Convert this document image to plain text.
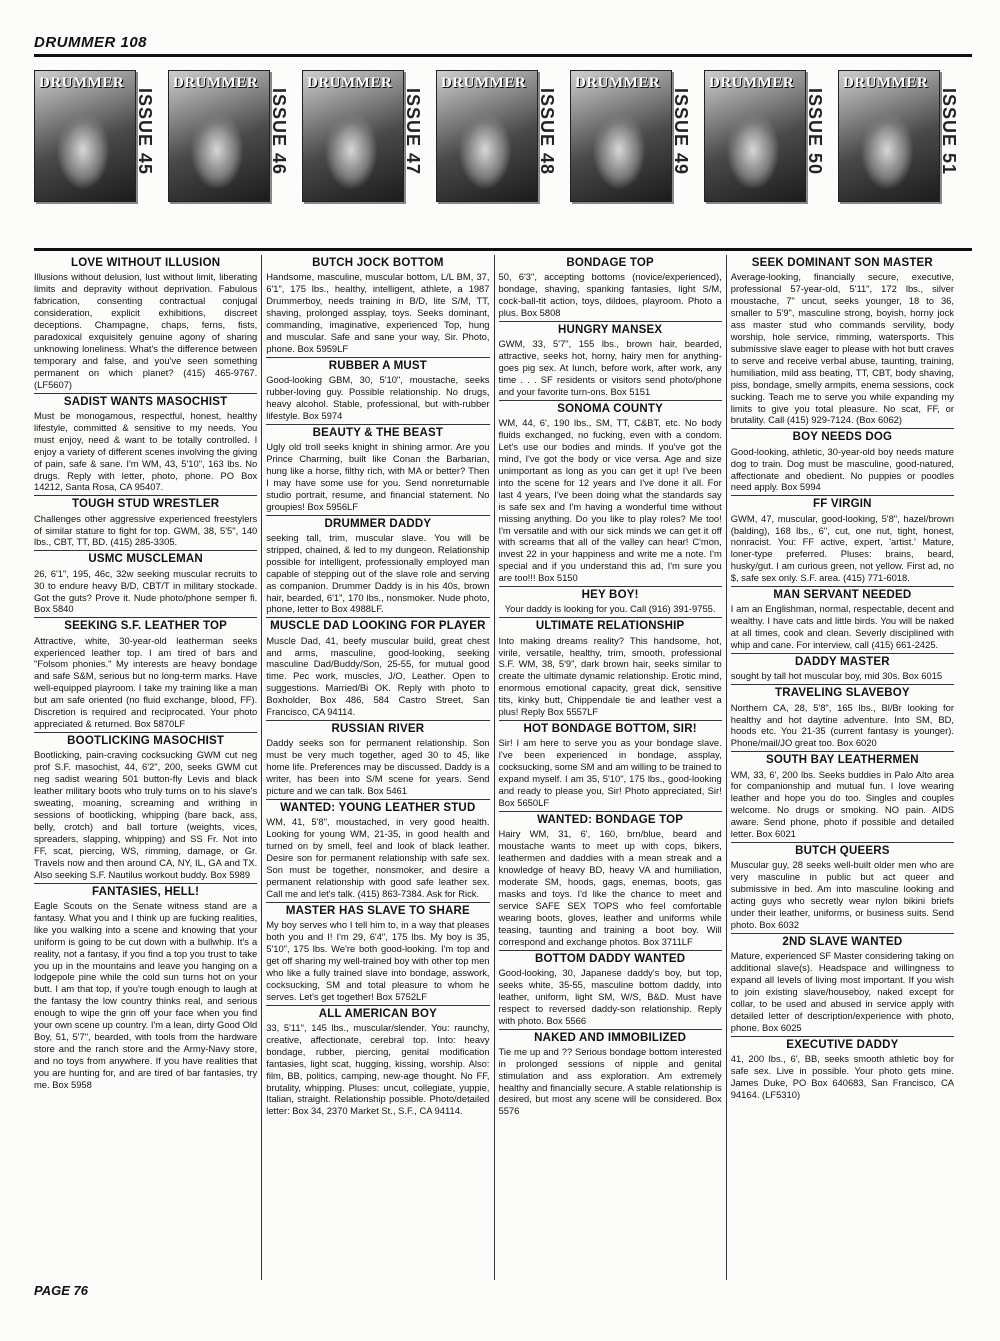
DRUMMER 108
DRUMMER
ISSUE 45
DRUMMER
ISSUE 46
DRUMMER
ISSUE 47
DRUMMER
ISSUE 48
DRUMMER
ISSUE 49
DRUMMER
ISSUE 50
DRUMMER
ISSUE 51
LOVE WITHOUT ILLUSION
Illusions without delusion, lust without limit, liberating limits and depravity without deprivation. Fabulous fabrication, consenting contractual conjugal consideration, explicit exhibitions, discreet deceptions. Champagne, chaps, ferns, fists, paradoxical exquisitely genuine agony of sharing unknowing loneliness. What's the difference between temporary and false, and you've seen something permanent on which planet? (415) 465-9767. (LF5607)
SADIST WANTS MASOCHIST
Must be monogamous, respectful, honest, healthy lifestyle, committed & sensitive to my needs. You must enjoy, need & want to be totally controlled. I enjoy a variety of different scenes involving the giving of pain, safe & sane. I'm WM, 43, 5'10", 163 lbs. No drugs. Reply with letter, photo, phone. PO Box 14212, Santa Rosa, CA 95407.
TOUGH STUD WRESTLER
Challenges other aggressive experienced freestylers of similar stature to fight for top. GWM, 38, 5'5", 140 lbs., CBT, TT, BD. (415) 285-3305.
USMC MUSCLEMAN
26, 6'1", 195, 46c, 32w seeking muscular recruits to 30 to endure heavy B/D, CBT/T in military stockade. Got the guts? Prove it. Nude photo/phone semper fi. Box 5840
SEEKING S.F. LEATHER TOP
Attractive, white, 30-year-old leatherman seeks experienced leather top. I am tired of bars and "Folsom phonies." My interests are heavy bondage and safe S&M, serious but no long-term marks. Have well-equipped playroom. I take my training like a man but am safe oriented (no fluid exchange, blood, FF). Discretion is required and reciprocated. Your photo appreciated & returned. Box 5870LF
BOOTLICKING MASOCHIST
Bootlicking, pain-craving cocksucking GWM cut neg prof S.F. masochist, 44, 6'2", 200, seeks GWM cut neg sadist wearing 501 button-fly Levis and black leather military boots who truly turns on to his slave's sweating, moaning, screaming and writhing in sessions of bootlicking, whipping (bare back, ass, belly, crotch) and ball torture (weights, vices, spreaders, slapping, whipping) and SS Fr. Not into FF, scat, piercing, WS, rimming, damage, or Gr. Travels now and then around CA, NY, IL, GA and TX. Also seeking S.F. Nautilus workout buddy. Box 5989
FANTASIES, HELL!
Eagle Scouts on the Senate witness stand are a fantasy. What you and I think up are fucking realities, like you walking into a scene and knowing that your uniform is going to be cut down with a bullwhip. It's a reality, not a fantasy, if you find a top you trust to take you up in the mountains and leave you hanging on a lodgepole pine while the cold sun turns hot on your butt. I am that top, if you're tough enough to laugh at the fantasy the low country thinks real, and serious enough to wipe the grin off your face when you find your own scene up country. I'm a lean, dirty Good Old Boy, 51, 5'7", bearded, with tools from the hardware store and the ranch store and the Army-Navy store, and no toys from anywhere. If you have realities that you are hunting for, and are tired of bar fantasies, try me. Box 5958
BUTCH JOCK BOTTOM
Handsome, masculine, muscular bottom, L/L BM, 37, 6'1", 175 lbs., healthy, intelligent, athlete, a 1987 Drummerboy, needs training in B/D, lite S/M, TT, shaving, prolonged assplay, toys. Seeks dominant, commanding, imaginative, experienced Top, hung and muscular. Safe and sane your way, Sir. Photo, phone. Box 5959LF
RUBBER A MUST
Good-looking GBM, 30, 5'10", moustache, seeks rubber-loving guy. Possible relationship. No drugs, heavy alcohol. Stable, professional, but with-rubber lifestyle. Box 5974
BEAUTY & THE BEAST
Ugly old troll seeks knight in shining armor. Are you Prince Charming, built like Conan the Barbarian, hung like a horse, filthy rich, with MA or better? Then I may have some use for you. Send nonreturnable studio portrait, resume, and financial statement. No groupies! Box 5956LF
DRUMMER DADDY
seeking tall, trim, muscular slave. You will be stripped, chained, & led to my dungeon. Relationship possible for intelligent, professionally employed man capable of stepping out of the slave role and serving as companion. Drummer Daddy is in his 40s, brown hair, bearded, 6'1", 170 lbs., nonsmoker. Nude photo, phone, letter to Box 4988LF.
MUSCLE DAD LOOKING FOR PLAYER
Muscle Dad, 41, beefy muscular build, great chest and arms, masculine, good-looking, seeking masculine Dad/Buddy/Son, 25-55, for mutual good time. Pec work, muscles, J/O, Leather. Open to suggestions. Married/Bi OK. Reply with photo to Boxholder, Box 486, 584 Castro Street, San Francisco, CA 94114.
RUSSIAN RIVER
Daddy seeks son for permanent relationship. Son must be very much together, aged 30 to 45, like home life. Preferences may be discussed. Daddy is a writer, has been into S/M scene for years. Send picture and we can talk. Box 5461
WANTED: YOUNG LEATHER STUD
WM, 41, 5'8", moustached, in very good health. Looking for young WM, 21-35, in good health and turned on by smell, feel and look of black leather. Desire son for permanent relationship with safe sex. Son must be together, nonsmoker, and desire a permanent relationship with good safe leather sex. Call me and let's talk. (415) 863-7384. Ask for Rick.
MASTER HAS SLAVE TO SHARE
My boy serves who I tell him to, in a way that pleases both you and I! I'm 29, 6'4", 175 lbs. My boy is 35, 5'10", 175 lbs. We're both good-looking. I'm top and get off sharing my well-trained boy with other top men who like a fully trained slave into bondage, asswork, cocksucking, SM and total pleasure to whom he serves. Let's get together! Box 5752LF
ALL AMERICAN BOY
33, 5'11", 145 lbs., muscular/slender. You: raunchy, creative, affectionate, cerebral top. Into: heavy bondage, rubber, piercing, genital modification fantasies, light scat, hugging, kissing, worship. Also: film, BB, politics, camping, new-age thought. No FF, brutality, whipping. Pluses: uncut, collegiate, yuppie, Italian, straight. Relationship possible. Photo/detailed letter: Box 34, 2370 Market St., S.F., CA 94114.
BONDAGE TOP
50, 6'3", accepting bottoms (novice/experienced), bondage, shaving, spanking fantasies, light S/M, cock-ball-tit action, toys, dildoes, playroom. Photo a plus. Box 5808
HUNGRY MANSEX
GWM, 33, 5'7", 155 lbs., brown hair, bearded, attractive, seeks hot, horny, hairy men for anything-goes pig sex. At lunch, before work, after work, any time . . . SF residents or visitors send photo/phone and your favorite turn-ons. Box 5151
SONOMA COUNTY
WM, 44, 6', 190 lbs., SM, TT, C&BT, etc. No body fluids exchanged, no fucking, even with a condom. Let's use our bodies and minds. If you've got the mind, I've got the body or vice versa. Age and size unimportant as long as you can get it up! I've been into the scene for 12 years and I've done it all. For last 4 years, I've been doing what the standards say is safe sex and I'm having a wonderful time without missing anything. Do you like to play roles? Me too! I'm versatile and with our sick minds we can get it off with screams that all of the valley can hear! C'mon, invest 22 in your happiness and write me a note. I'm special and if you understand this ad, I'm sure you are too!!! Box 5150
HEY BOY!
Your daddy is looking for you. Call (916) 391-9755.
ULTIMATE RELATIONSHIP
Into making dreams reality? This handsome, hot, virile, versatile, healthy, trim, smooth, professional S.F. WM, 38, 5'9", dark brown hair, seeks similar to create the ultimate dynamic relationship. Erotic mind, enormous emotional capacity, great dick, sensitive tits, kinky butt, Chippendale tie and leather vest a plus! Reply Box 5557LF
HOT BONDAGE BOTTOM, SIR!
Sir! I am here to serve you as your bondage slave. I've been experienced in bondage, assplay, cocksucking, some SM and am willing to be trained to expand myself. I am 35, 5'10", 175 lbs., good-looking and ready to please you, Sir! Photo appreciated, Sir! Box 5650LF
WANTED: BONDAGE TOP
Hairy WM, 31, 6', 160, brn/blue, beard and moustache wants to meet up with cops, bikers, leathermen and daddies with a mean streak and a knowledge of heavy BD, heavy VA and humiliation, moderate SM, hoods, gags, enemas, boots, gas masks and toys. I'd like the chance to meet and service SAFE SEX TOPS who feel comfortable wearing boots, gloves, leather and uniforms while teasing, taunting and training a boot boy. Will correspond and exchange photos. Box 3711LF
BOTTOM DADDY WANTED
Good-looking, 30, Japanese daddy's boy, but top, seeks white, 35-55, masculine bottom daddy, into leather, uniform, light SM, W/S, B&D. Must have respect to reversed daddy-son relationship. Reply with photo. Box 5566
NAKED AND IMMOBILIZED
Tie me up and ?? Serious bondage bottom interested in prolonged sessions of nipple and genital stimulation and ass exploration. Am extremely healthy and financially secure. A stable relationship is desired, but most any scene will be considered. Box 5576
SEEK DOMINANT SON MASTER
Average-looking, financially secure, executive, professional 57-year-old, 5'11", 172 lbs., silver moustache, 7" uncut, seeks younger, 18 to 36, smaller to 5'9", masculine strong, boyish, horny jock ass master stud who commands servility, body worship, hole service, rimming, watersports. This submissive slave eager to please with hot butt craves to serve and receive verbal abuse, taunting, training, humiliation, mild ass beating, TT, CBT, body shaving, piss, bondage, smelly armpits, enema sessions, cock sucking. Teach me to serve you while expanding my limits to give you total pleasure. No scat, FF, or brutality. Call (415) 929-7124. (Box 6062)
BOY NEEDS DOG
Good-looking, athletic, 30-year-old boy needs mature dog to train. Dog must be masculine, good-natured, affectionate and obedient. No puppies or poodles need apply. Box 5994
FF VIRGIN
GWM, 47, muscular, good-looking, 5'8", hazel/brown (balding), 168 lbs., 6", cut, one nut, tight, honest, nonracist. You: FF active, expert, 'artist.' Mature, loner-type preferred. Pluses: brains, beard, husky/gut. I am curious green, not yellow. First ad, no $, safe sex only. S.F. area. (415) 771-6018.
MAN SERVANT NEEDED
I am an Englishman, normal, respectable, decent and wealthy. I have cats and little birds. You will be naked at all times, cook and clean. Severly disciplined with whip and cane. For interview, call (415) 661-2425.
DADDY MASTER
sought by tall hot muscular boy, mid 30s. Box 6015
TRAVELING SLAVEBOY
Northern CA, 28, 5'8", 165 lbs., Bl/Br looking for healthy and hot daytine adventure. Into SM, BD, hoods etc. You 21-35 (current fantasy is younger). Phone/mail/JO great too. Box 6020
SOUTH BAY LEATHERMEN
WM, 33, 6', 200 lbs. Seeks buddies in Palo Alto area for companionship and mutual fun. I love wearing leather and hope you do too. Singles and couples welcome. No drugs or smoking. NO pain. AIDS aware. Send phone, photo if possible and detailed letter. Box 6021
BUTCH QUEERS
Muscular guy, 28 seeks well-built older men who are very masculine in public but act queer and submissive in bed. Am into masculine looking and acting guys who secretly wear nylon bikini briefs under their leather, uniforms, or business suits. Send photo. Box 6032
2ND SLAVE WANTED
Mature, experienced SF Master considering taking on additional slave(s). Headspace and willingness to expand all levels of living most important. If you wish to join existing slave/houseboy, naked except for collar, to be used and abused in service apply with detailed letter of description/experience with photo, phone. Box 6025
EXECUTIVE DADDY
41, 200 lbs., 6', BB, seeks smooth athletic boy for safe sex. Live in possible. Your photo gets mine. James Duke, PO Box 640683, San Francisco, CA 94164. (LF5310)
PAGE 76
